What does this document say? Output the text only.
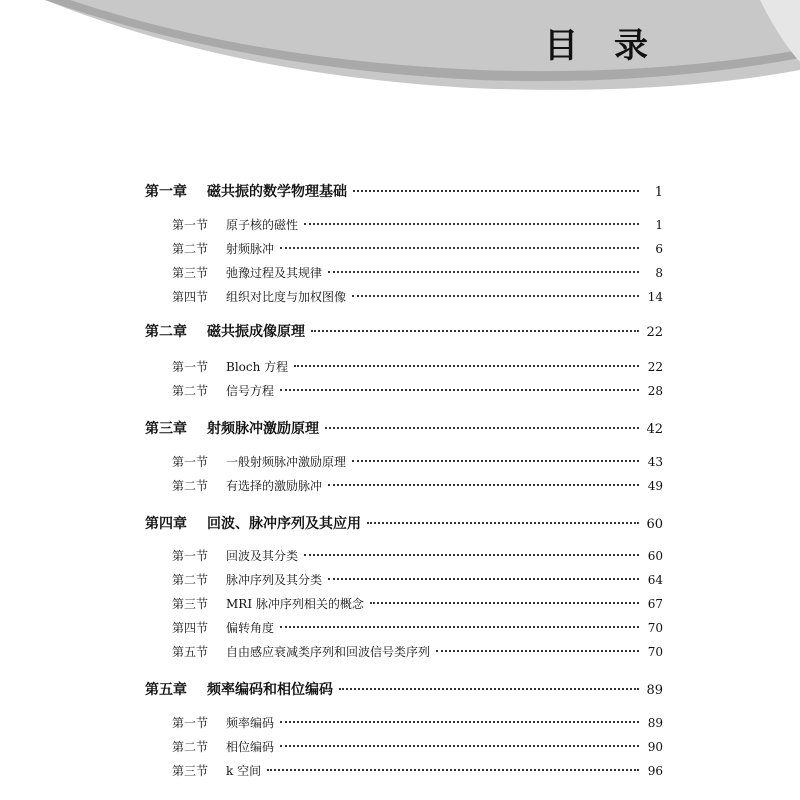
目 录
第一章	磁共振的数学物理基础	1
第一节	原子核的磁性	1
第二节	射频脉冲	6
第三节	弛豫过程及其规律	8
第四节	组织对比度与加权图像	14
第二章	磁共振成像原理	22
第一节	Bloch 方程	22
第二节	信号方程	28
第三章	射频脉冲激励原理	42
第一节	一般射频脉冲激励原理	43
第二节	有选择的激励脉冲	49
第四章	回波、脉冲序列及其应用	60
第一节	回波及其分类	60
第二节	脉冲序列及其分类	64
第三节	MRI 脉冲序列相关的概念	67
第四节	偏转角度	70
第五节	自由感应衰减类序列和回波信号类序列	70
第五章	频率编码和相位编码	89
第一节	频率编码	89
第二节	相位编码	90
第三节	k 空间	96
